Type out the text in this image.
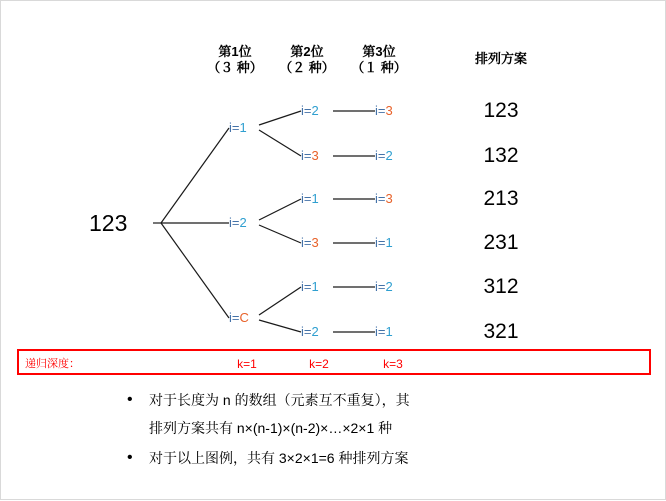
第1位
（３ 种）
第2位
（２ 种）
第3位
（１ 种）
排列方案
123
i=1
i=2
i=C
i=2
i=3
i=1
i=3
i=1
i=2
i=3
i=2
i=3
i=1
i=2
i=1
123
132
213
231
312
321
递归深度：	k=1	k=2	k=3
• 对于长度为 n 的数组（元素互不重复），其
排列方案共有 n×(n-1)×(n-2)×…×2×1 种
• 对于以上图例，共有 3×2×1=6 种排列方案
